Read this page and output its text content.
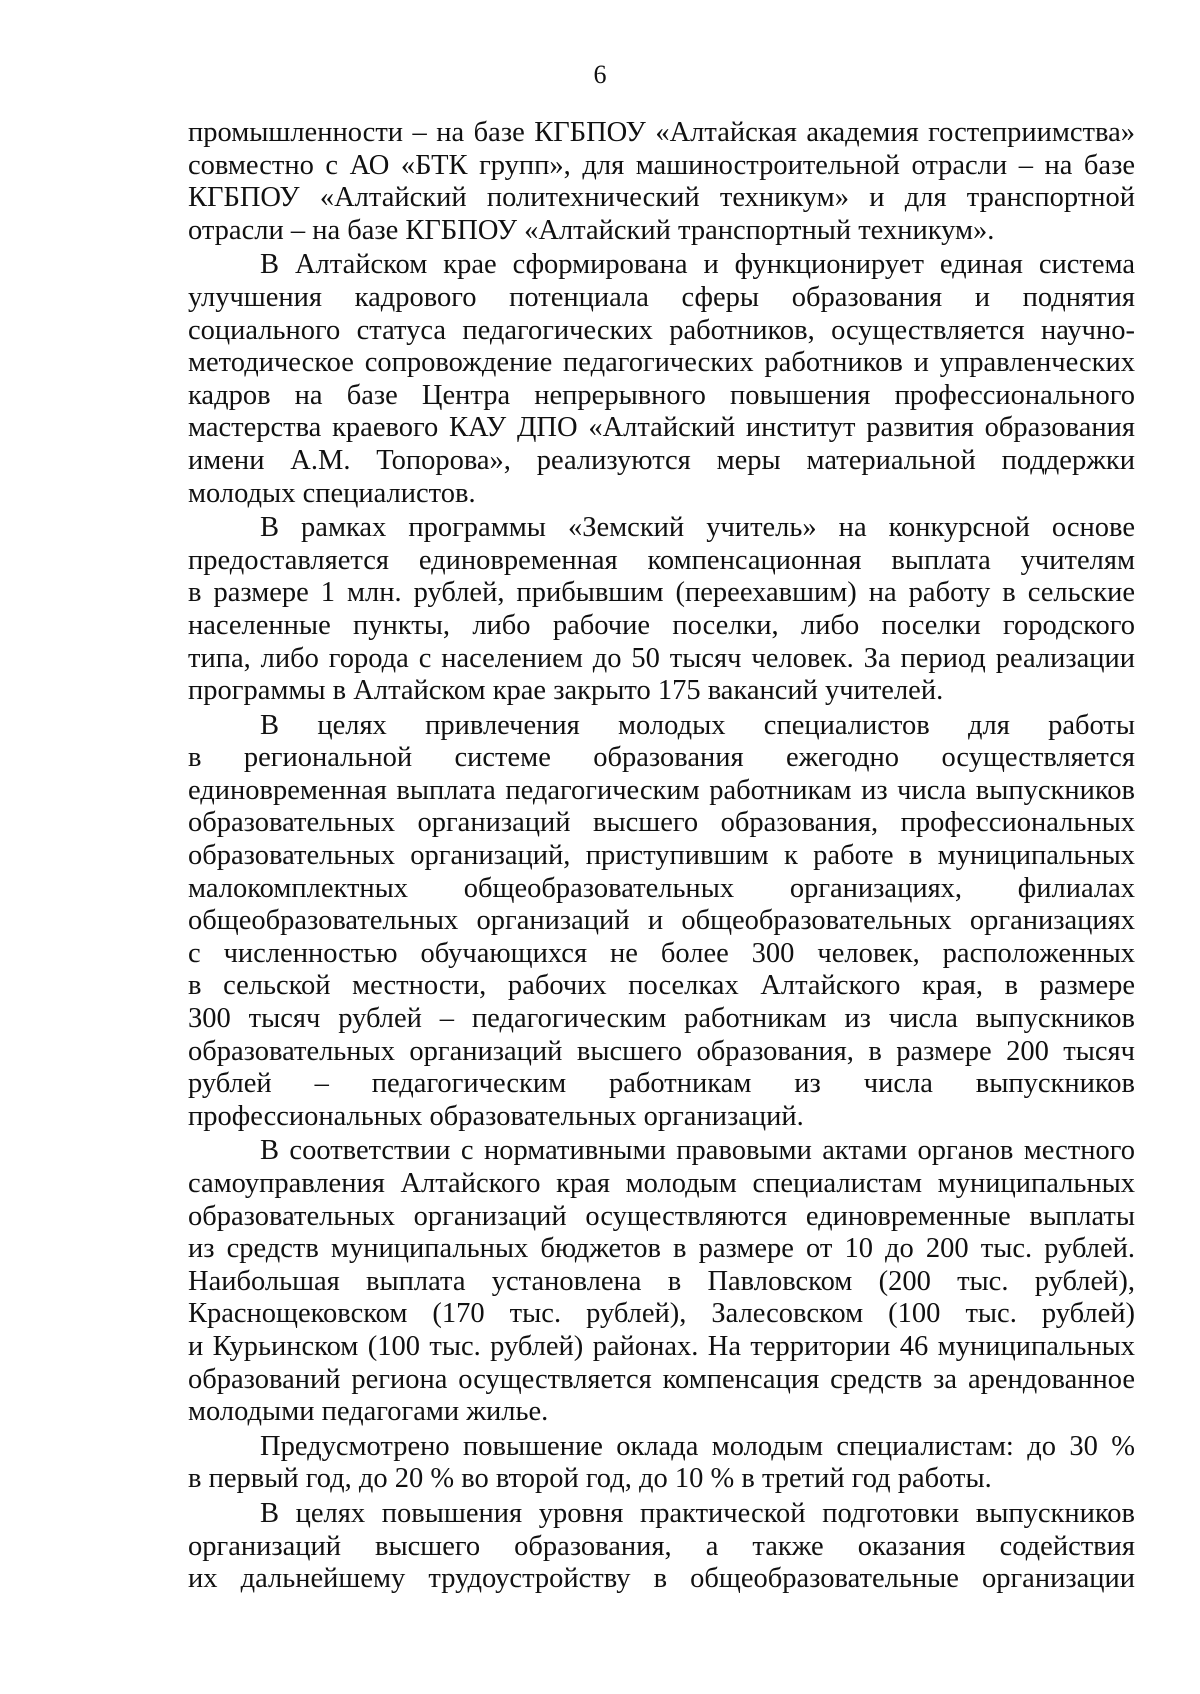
6

промышленности – на базе КГБПОУ «Алтайская академия гостеприимства»

совместно с АО «БТК групп», для машиностроительной отрасли – на базе

КГБПОУ «Алтайский политехнический техникум» и для транспортной

отрасли – на базе КГБПОУ «Алтайский транспортный техникум».

В Алтайском крае сформирована и функционирует единая система

улучшения кадрового потенциала сферы образования и поднятия

социального статуса педагогических работников, осуществляется научно-

методическое сопровождение педагогических работников и управленческих

кадров на базе Центра непрерывного повышения профессионального

мастерства краевого КАУ ДПО «Алтайский институт развития образования

имени А.М. Топорова», реализуются меры материальной поддержки

молодых специалистов.

В рамках программы «Земский учитель» на конкурсной основе

предоставляется единовременная компенсационная выплата учителям

в размере 1 млн. рублей, прибывшим (переехавшим) на работу в сельские

населенные пункты, либо рабочие поселки, либо поселки городского

типа, либо города с населением до 50 тысяч человек. За период реализации

программы в Алтайском крае закрыто 175 вакансий учителей.

В целях привлечения молодых специалистов для работы

в региональной системе образования ежегодно осуществляется

единовременная выплата педагогическим работникам из числа выпускников

образовательных организаций высшего образования, профессиональных

образовательных организаций, приступившим к работе в муниципальных

малокомплектных общеобразовательных организациях, филиалах

общеобразовательных организаций и общеобразовательных организациях

с численностью обучающихся не более 300 человек, расположенных

в сельской местности, рабочих поселках Алтайского края, в размере

300 тысяч рублей – педагогическим работникам из числа выпускников

образовательных организаций высшего образования, в размере 200 тысяч

рублей – педагогическим работникам из числа выпускников

профессиональных образовательных организаций.

В соответствии с нормативными правовыми актами органов местного

самоуправления Алтайского края молодым специалистам муниципальных

образовательных организаций осуществляются единовременные выплаты

из средств муниципальных бюджетов в размере от 10 до 200 тыс. рублей.

Наибольшая выплата установлена в Павловском (200 тыс. рублей),

Краснощековском (170 тыс. рублей), Залесовском (100 тыс. рублей)

и Курьинском (100 тыс. рублей) районах. На территории 46 муниципальных

образований региона осуществляется компенсация средств за арендованное

молодыми педагогами жилье.

Предусмотрено повышение оклада молодым специалистам: до 30 %

в первый год, до 20 % во второй год, до 10 % в третий год работы.

В целях повышения уровня практической подготовки выпускников

организаций высшего образования, а также оказания содействия

их дальнейшему трудоустройству в общеобразовательные организации
